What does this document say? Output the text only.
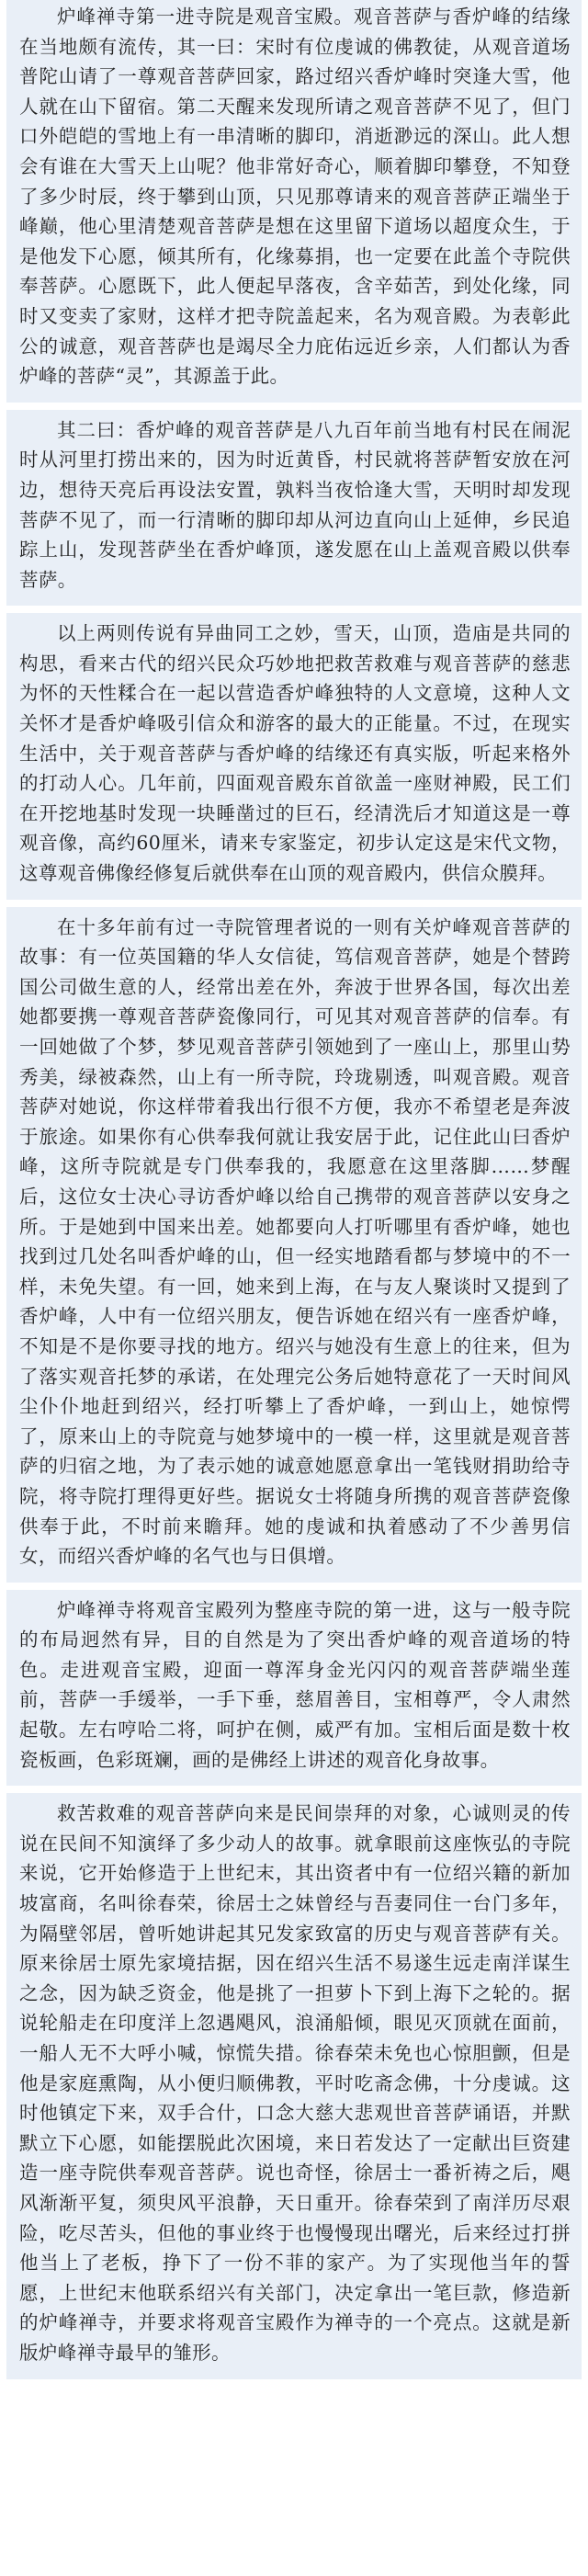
炉峰禅寺第一进寺院是观音宝殿。观音菩萨与香炉峰的结缘在当地颇有流传，其一曰：宋时有位虔诚的佛教徒，从观音道场普陀山请了一尊观音菩萨回家，路过绍兴香炉峰时突逢大雪，他人就在山下留宿。第二天醒来发现所请之观音菩萨不见了，但门口外皑皑的雪地上有一串清晰的脚印，消逝渺远的深山。此人想会有谁在大雪天上山呢？他非常好奇心，顺着脚印攀登，不知登了多少时辰，终于攀到山顶，只见那尊请来的观音菩萨正端坐于峰巅，他心里清楚观音菩萨是想在这里留下道场以超度众生，于是他发下心愿，倾其所有，化缘募捐，也一定要在此盖个寺院供奉菩萨。心愿既下，此人便起早落夜，含辛茹苦，到处化缘，同时又变卖了家财，这样才把寺院盖起来，名为观音殿。为表彰此公的诚意，观音菩萨也是竭尽全力庇佑远近乡亲，人们都认为香炉峰的菩萨“灵”，其源盖于此。

其二曰：香炉峰的观音菩萨是八九百年前当地有村民在闹泥时从河里打捞出来的，因为时近黄昏，村民就将菩萨暂安放在河边，想待天亮后再设法安置，孰料当夜恰逢大雪，天明时却发现菩萨不见了，而一行清晰的脚印却从河边直向山上延伸，乡民追踪上山，发现菩萨坐在香炉峰顶，遂发愿在山上盖观音殿以供奉菩萨。

以上两则传说有异曲同工之妙，雪天，山顶，造庙是共同的构思，看来古代的绍兴民众巧妙地把救苦救难与观音菩萨的慈悲为怀的天性糅合在一起以营造香炉峰独特的人文意境，这种人文关怀才是香炉峰吸引信众和游客的最大的正能量。不过，在现实生活中，关于观音菩萨与香炉峰的结缘还有真实版，听起来格外的打动人心。几年前，四面观音殿东首欲盖一座财神殿，民工们在开挖地基时发现一块睡凿过的巨石，经清洗后才知道这是一尊观音像，高约60厘米，请来专家鉴定，初步认定这是宋代文物，这尊观音佛像经修复后就供奉在山顶的观音殿内，供信众膜拜。

在十多年前有过一寺院管理者说的一则有关炉峰观音菩萨的故事：有一位英国籍的华人女信徒，笃信观音菩萨，她是个替跨国公司做生意的人，经常出差在外，奔波于世界各国，每次出差她都要携一尊观音菩萨瓷像同行，可见其对观音菩萨的信奉。有一回她做了个梦，梦见观音菩萨引领她到了一座山上，那里山势秀美，绿被森然，山上有一所寺院，玲珑剔透，叫观音殿。观音菩萨对她说，你这样带着我出行很不方便，我亦不希望老是奔波于旅途。如果你有心供奉我何就让我安居于此，记住此山曰香炉峰，这所寺院就是专门供奉我的，我愿意在这里落脚……梦醒后，这位女士决心寻访香炉峰以给自己携带的观音菩萨以安身之所。于是她到中国来出差。她都要向人打听哪里有香炉峰，她也找到过几处名叫香炉峰的山，但一经实地踏看都与梦境中的不一样，未免失望。有一回，她来到上海，在与友人聚谈时又提到了香炉峰，人中有一位绍兴朋友，便告诉她在绍兴有一座香炉峰，不知是不是你要寻找的地方。绍兴与她没有生意上的往来，但为了落实观音托梦的承诺，在处理完公务后她特意花了一天时间风尘仆仆地赶到绍兴，经打听攀上了香炉峰，一到山上，她惊愕了，原来山上的寺院竟与她梦境中的一模一样，这里就是观音菩萨的归宿之地，为了表示她的诚意她愿意拿出一笔钱财捐助给寺院，将寺院打理得更好些。据说女士将随身所携的观音菩萨瓷像供奉于此，不时前来瞻拜。她的虔诚和执着感动了不少善男信女，而绍兴香炉峰的名气也与日俱增。

炉峰禅寺将观音宝殿列为整座寺院的第一进，这与一般寺院的布局迥然有异，目的自然是为了突出香炉峰的观音道场的特色。走进观音宝殿，迎面一尊浑身金光闪闪的观音菩萨端坐莲前，菩萨一手缓举，一手下垂，慈眉善目，宝相尊严，令人肃然起敬。左右哼哈二将，呵护在侧，威严有加。宝相后面是数十枚瓷板画，色彩斑斓，画的是佛经上讲述的观音化身故事。

救苦救难的观音菩萨向来是民间崇拜的对象，心诚则灵的传说在民间不知演绎了多少动人的故事。就拿眼前这座恢弘的寺院来说，它开始修造于上世纪末，其出资者中有一位绍兴籍的新加坡富商，名叫徐春荣，徐居士之妹曾经与吾妻同住一台门多年，为隔壁邻居，曾听她讲起其兄发家致富的历史与观音菩萨有关。原来徐居士原先家境拮据，因在绍兴生活不易遂生远走南洋谋生之念，因为缺乏资金，他是挑了一担萝卜下到上海下之轮的。据说轮船走在印度洋上忽遇飓风，浪涌船倾，眼见灭顶就在面前，一船人无不大呼小喊，惊慌失措。徐春荣未免也心惊胆颤，但是他是家庭熏陶，从小便归顺佛教，平时吃斋念佛，十分虔诚。这时他镇定下来，双手合什，口念大慈大悲观世音菩萨诵语，并默默立下心愿，如能摆脱此次困境，来日若发达了一定献出巨资建造一座寺院供奉观音菩萨。说也奇怪，徐居士一番祈祷之后，飓风渐渐平复，须臾风平浪静，天日重开。徐春荣到了南洋历尽艰险，吃尽苦头，但他的事业终于也慢慢现出曙光，后来经过打拼他当上了老板，挣下了一份不菲的家产。为了实现他当年的誓愿，上世纪末他联系绍兴有关部门，决定拿出一笔巨款，修造新的炉峰禅寺，并要求将观音宝殿作为禅寺的一个亮点。这就是新版炉峰禅寺最早的雏形。
